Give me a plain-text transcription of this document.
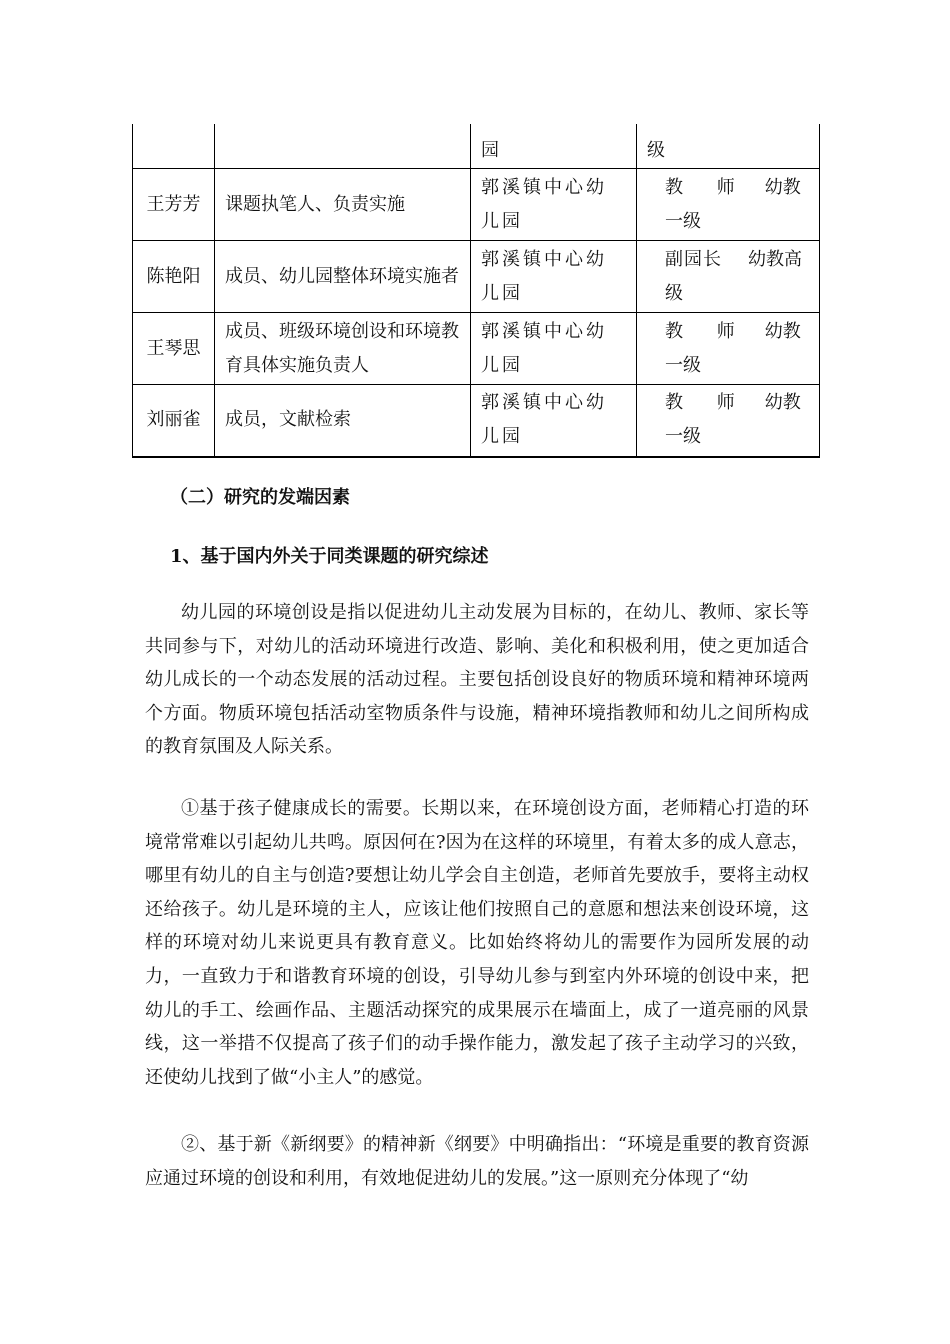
		园	级

王芳芳	课题执笔人、负责实施	郭溪镇中心幼儿园	教 师 幼教一级

陈艳阳	成员、幼儿园整体环境实施者	郭溪镇中心幼儿园	副园长 幼教高级

王琴思	成员、班级环境创设和环境教育具体实施负责人	郭溪镇中心幼儿园	教 师 幼教一级

刘丽雀	成员，文献检索	郭溪镇中心幼儿园	教 师 幼教一级

（二）研究的发端因素

1、基于国内外关于同类课题的研究综述

幼儿园的环境创设是指以促进幼儿主动发展为目标的，在幼儿、教师、家长等共同参与下，对幼儿的活动环境进行改造、影响、美化和积极利用，使之更加适合幼儿成长的一个动态发展的活动过程。主要包括创设良好的物质环境和精神环境两个方面。物质环境包括活动室物质条件与设施，精神环境指教师和幼儿之间所构成的教育氛围及人际关系。

①基于孩子健康成长的需要。长期以来，在环境创设方面，老师精心打造的环境常常难以引起幼儿共鸣。原因何在?因为在这样的环境里，有着太多的成人意志，哪里有幼儿的自主与创造?要想让幼儿学会自主创造，老师首先要放手，要将主动权还给孩子。幼儿是环境的主人，应该让他们按照自己的意愿和想法来创设环境，这样的环境对幼儿来说更具有教育意义。比如始终将幼儿的需要作为园所发展的动力，一直致力于和谐教育环境的创设，引导幼儿参与到室内外环境的创设中来，把幼儿的手工、绘画作品、主题活动探究的成果展示在墙面上，成了一道亮丽的风景线，这一举措不仅提高了孩子们的动手操作能力，激发起了孩子主动学习的兴致，还使幼儿找到了做“小主人”的感觉。

②、基于新《新纲要》的精神新《纲要》中明确指出：“环境是重要的教育资源应通过环境的创设和利用，有效地促进幼儿的发展。”这一原则充分体现了“幼
